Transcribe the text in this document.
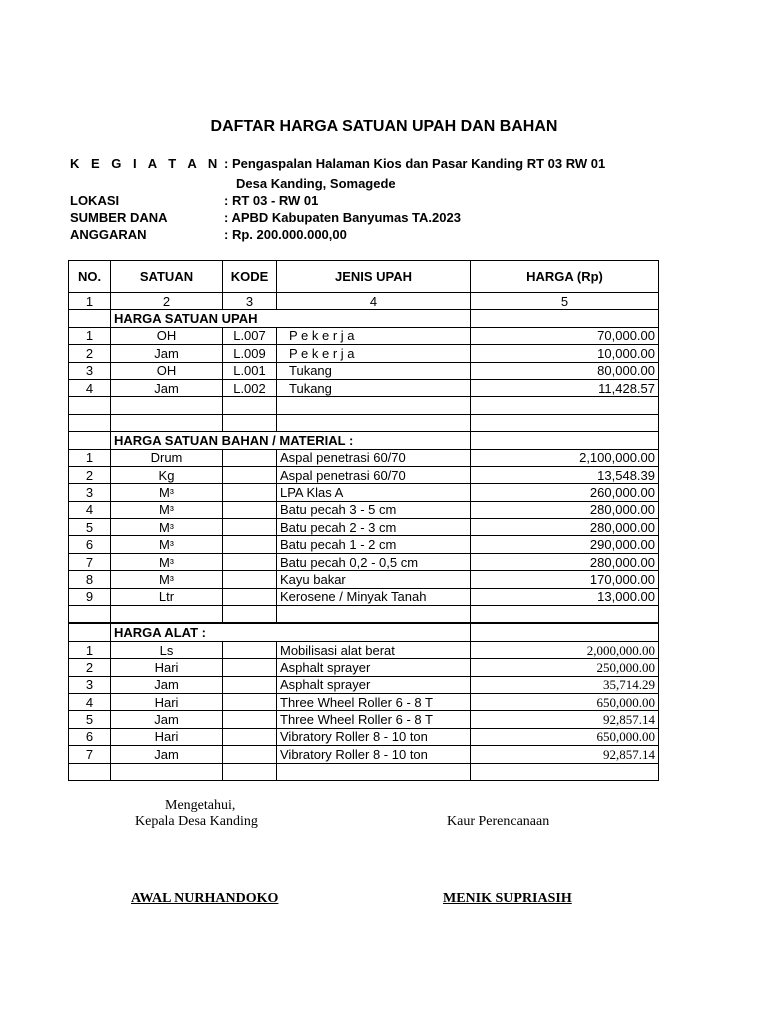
DAFTAR HARGA SATUAN UPAH DAN BAHAN
K E G I A T A N : Pengaspalan Halaman Kios dan Pasar Kanding RT 03 RW 01
Desa Kanding, Somagede
LOKASI	: RT 03 - RW 01
SUMBER DANA	: APBD Kabupaten Banyumas TA.2023
ANGGARAN	: Rp. 200.000.000,00
NO.	SATUAN	KODE	JENIS UPAH	HARGA (Rp)
1	2	3	4	5
	HARGA SATUAN UPAH			
1	OH	L.007	P e k e r j a	70,000.00
2	Jam	L.009	P e k e r j a	10,000.00
3	OH	L.001	Tukang	80,000.00
4	Jam	L.002	Tukang	11,428.57

	HARGA SATUAN BAHAN / MATERIAL :			
1	Drum		Aspal penetrasi 60/70	2,100,000.00
2	Kg		Aspal penetrasi 60/70	13,548.39
3	Mᶟ		LPA Klas A	260,000.00
4	Mᶟ		Batu pecah 3 - 5 cm	280,000.00
5	Mᶟ		Batu pecah 2 - 3 cm	280,000.00
6	Mᶟ		Batu pecah 1 - 2 cm	290,000.00
7	Mᶟ		Batu pecah 0,2 - 0,5 cm	280,000.00
8	Mᶟ		Kayu bakar	170,000.00
9	Ltr		Kerosene / Minyak Tanah	13,000.00

	HARGA ALAT :			
1	Ls		Mobilisasi alat berat	2,000,000.00
2	Hari		Asphalt sprayer	250,000.00
3	Jam		Asphalt sprayer	35,714.29
4	Hari		Three Wheel Roller 6 - 8 T	650,000.00
5	Jam		Three Wheel Roller 6 - 8 T	92,857.14
6	Hari		Vibratory Roller 8 - 10 ton	650,000.00
7	Jam		Vibratory Roller 8 - 10 ton	92,857.14

Mengetahui,
Kepala Desa Kanding
AWAL NURHANDOKO
Kaur Perencanaan
MENIK SUPRIASIH
